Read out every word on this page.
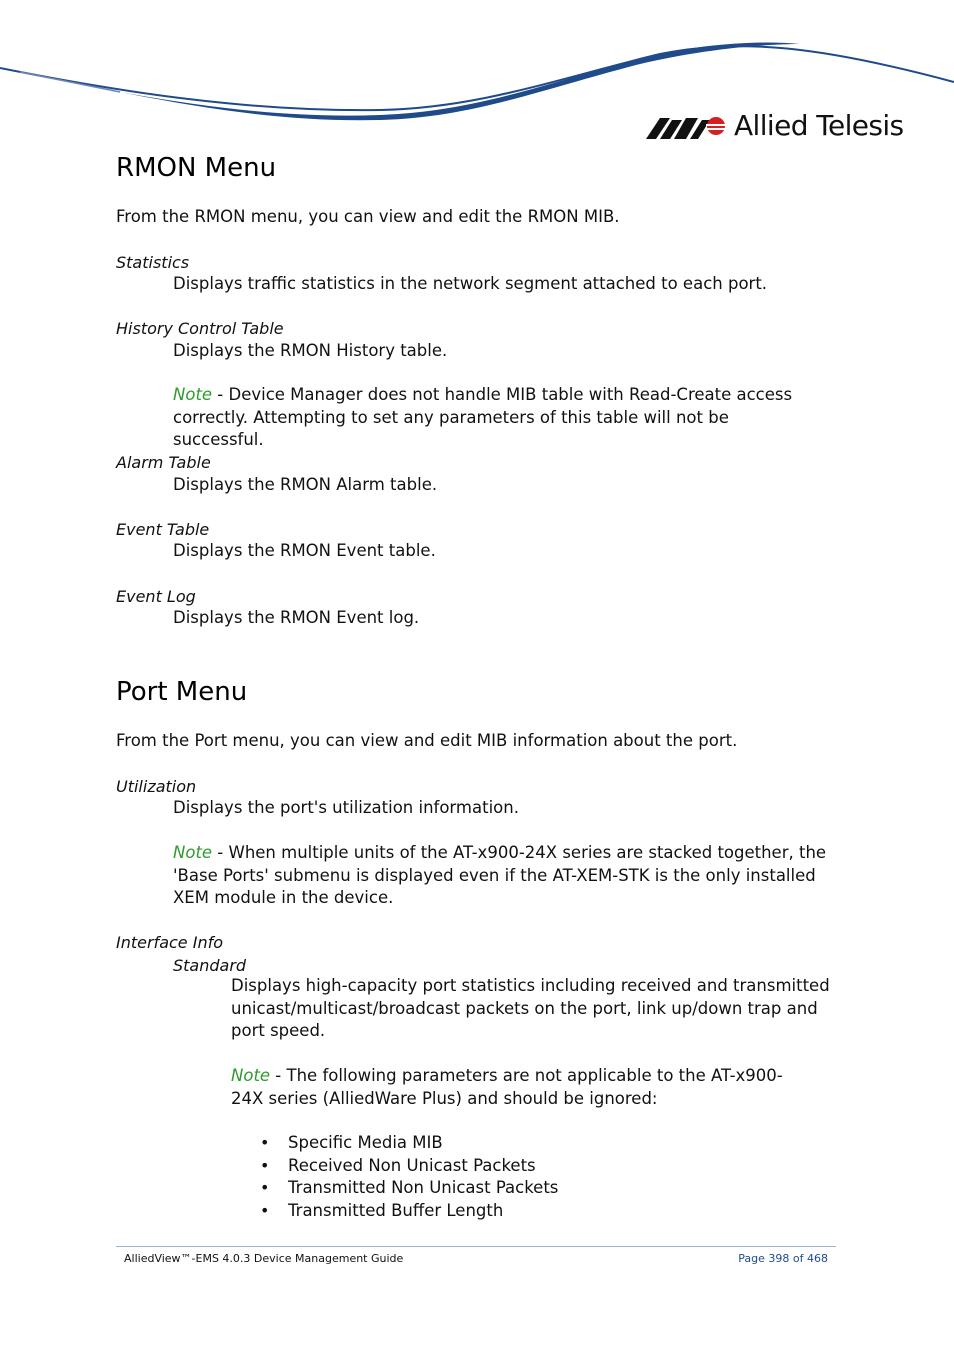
Allied Telesis
RMON Menu
From the RMON menu, you can view and edit the RMON MIB.
Statistics
Displays traffic statistics in the network segment attached to each port.
History Control Table
Displays the RMON History table.
Note - Device Manager does not handle MIB table with Read-Create access correctly. Attempting to set any parameters of this table will not be successful.
Alarm Table
Displays the RMON Alarm table.
Event Table
Displays the RMON Event table.
Event Log
Displays the RMON Event log.
Port Menu
From the Port menu, you can view and edit MIB information about the port.
Utilization
Displays the port's utilization information.
Note - When multiple units of the AT-x900-24X series are stacked together, the 'Base Ports' submenu is displayed even if the AT-XEM-STK is the only installed XEM module in the device.
Interface Info
Standard
Displays high-capacity port statistics including received and transmitted unicast/multicast/broadcast packets on the port, link up/down trap and port speed.
Note - The following parameters are not applicable to the AT-x900-24X series (AlliedWare Plus) and should be ignored:
• Specific Media MIB
• Received Non Unicast Packets
• Transmitted Non Unicast Packets
• Transmitted Buffer Length
AlliedView™-EMS 4.0.3 Device Management Guide	Page 398 of 468
